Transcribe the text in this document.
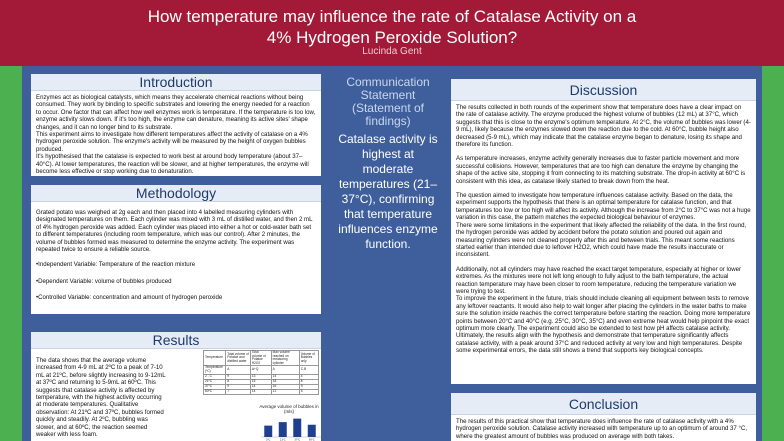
How temperature may influence the rate of Catalase Activity on a
4% Hydrogen Peroxide Solution?
Lucinda Gent
Introduction

Enzymes act as biological catalysts, which means they accelerate chemical reactions without being consumed. They work by binding to specific substrates and lowering the energy needed for a reaction to occur. One factor that can affect how well enzymes work is temperature. If the temperature is too low, enzyme activity slows down. If it's too high, the enzyme can denature, meaning its active sites' shape changes, and it can no longer bind to its substrate.

This experiment aims to investigate how different temperatures affect the activity of catalase on a 4% hydrogen peroxide solution. The enzyme's activity will be measured by the height of oxygen bubbles produced.

It's hypothesised that the catalase is expected to work best at around body temperature (about 37–40°C). At lower temperatures, the reaction will be slower, and at higher temperatures, the enzyme will become less effective or stop working due to denaturation.

Methodology

Grated potato was weighed at 2g each and then placed into 4 labelled measuring cylinders with designated temperatures on them. Each cylinder was mixed with 3 mL of distilled water, and then 2 mL of 4% hydrogen peroxide was added. Each cylinder was placed into either a hot or cold-water bath set to different temperatures (including room temperature, which was our control). After 2 minutes, the volume of bubbles formed was measured to determine the enzyme activity. The experiment was repeated twice to ensure a reliable source.

•Independent Variable: Temperature of the reaction mixture

•Dependent Variable: volume of bubbles produced

•Controlled Variable: concentration and amount of hydrogen peroxide

Results
The data shows that the average volume increased from 4-9 mL at 2ºC to a peak of 7-10 mL at 21ºC, before slightly increasing to 9-12mL at 37ºC and returning to 5-9mL at 60ºC. This suggests that catalase activity is affected by temperature, with the highest activity occurring at moderate temperatures. Qualitative observation: At 21ºC and 37ºC, bubbles formed quickly and steadily. At 2ºC, bubbling was slower, and at 60ºC, the reaction seemed weaker with less foam.
Temperature	Total volume of Potatoe and distilled water	Total volume of Potatoe H2O2	Max volume reached on measuring cylinder	Volume of Bubbles only
Temperature (ºC)	A	A+Q	A	C-B
2 - C	9	13	14	4
21ºC	8	15	18	8
37ºC	9	14	16	9
60ºC	7	14	11	5
Average volume of bubbles in (mls)
2ºC	21ºC	37ºC	60ºC
Communication Statement (Statement of findings)
Catalase activity is highest at moderate temperatures (21–37°C), confirming that temperature influences enzyme function.
Discussion

The results collected in both rounds of the experiment show that temperature does have a clear impact on the rate of catalase activity. The enzyme produced the highest volume of bubbles (12 mL) at 37°C, which suggests that this is close to the enzyme's optimum temperature. At 2°C, the volume of bubbles was lower (4-9 mL), likely because the enzymes slowed down the reaction due to the cold. At 60°C, bubble height also decreased (5-9 mL), which may indicate that the catalase enzyme began to denature, losing its shape and therefore its function.

As temperature increases, enzyme activity generally increases due to faster particle movement and more successful collisions. However, temperatures that are too high can denature the enzyme by changing the shape of the active site, stopping it from connecting to its matching substrate. The drop-in activity at 60°C is consistent with this idea, as catalase likely started to break down from the heat.

The question aimed to investigate how temperature influences catalase activity. Based on the data, the experiment supports the hypothesis that there is an optimal temperature for catalase function, and that temperatures too low or too high will affect its activity. Although the increase from 2°C to 37°C was not a huge variation in this case, the pattern matches the expected biological behaviour of enzymes.

There were some limitations in the experiment that likely affected the reliability of the data. In the first round, the hydrogen peroxide was added by accident before the potato solution and poured out again and measuring cylinders were not cleaned properly after this and between trials. This meant some reactions started earlier than intended due to leftover H2O2, which could have made the results inaccurate or inconsistent.

Additionally, not all cylinders may have reached the exact target temperature, especially at higher or lower extremes. As the mixtures were not left long enough to fully adjust to the bath temperature, the actual reaction temperature may have been closer to room temperature, reducing the temperature variation we were trying to test.

To improve the experiment in the future, trials should include cleaning all equipment between tests to remove any leftover reactants. It would also help to wait longer after placing the cylinders in the water baths to make sure the solution inside reaches the correct temperature before starting the reaction. Doing more temperature points between 20°C and 40°C (e.g. 25°C, 30°C, 35°C) and even extreme heat would help pinpoint the exact optimum more clearly. The experiment could also be extended to test how pH affects catalase activity.

Ultimately, the results align with the hypothesis and demonstrate that temperature significantly affects catalase activity, with a peak around 37°C and reduced activity at very low and high temperatures. Despite some experimental errors, the data still shows a trend that supports key biological concepts.

Conclusion
The results of this practical show that temperature does influence the rate of catalase activity with a 4% hydrogen peroxide solution. Catalase activity increased with temperature up to an optimum of around 37 °C, where the greatest amount of bubbles was produced on average with both takes.
